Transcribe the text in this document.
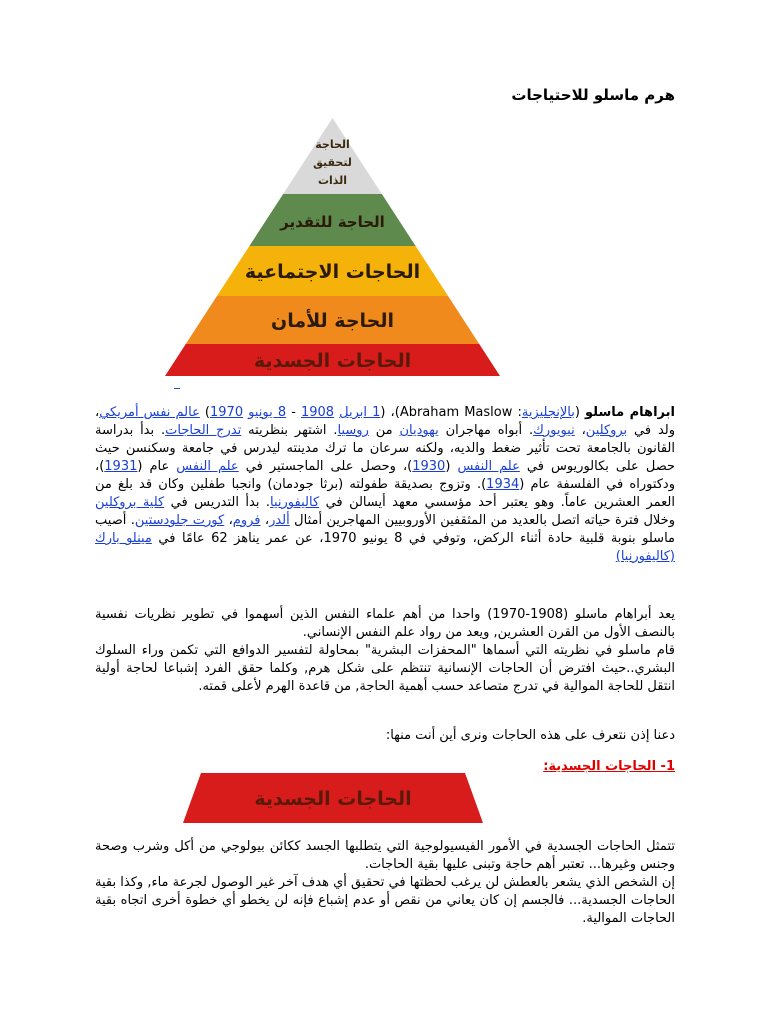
هرم ماسلو للاحتياجات
الحاجة
لتحقيق
الذات
الحاجة للتقدير
الحاجات الاجتماعية
الحاجة للأمان
الحاجات الجسدية

ابراهام ماسلو (بالإنجليزية: Abraham Maslow)، (1 ابريل 1908 - 8 يونيو 1970) عالم نفس أمريكي، ولد في بروكلين، نيويورك. أبواه مهاجران يهوديان من روسيا. اشتهر بنظريته تدرج الحاجات. بدأ بدراسة القانون بالجامعة تحت تأثير ضغط والديه، ولكنه سرعان ما ترك مدينته ليدرس في جامعة وسكنسن حيث حصل على بكالوريوس في علم النفس (1930)، وحصل على الماجستير في علم النفس عام (1931)، ودكتوراه في الفلسفة عام (1934). وتزوج بصديقة طفولته (برثا جودمان) وانجبا طفلين وكان قد بلغ من العمر العشرين عاماً. وهو يعتبر أحد مؤسسي معهد أيسالن في كاليفورنيا. بدأ التدريس في كلية بروكلين وخلال فترة حياته اتصل بالعديد من المثقفين الأوروبيين المهاجرين أمثال ألدر، فروم، كورت جلودستين. أصيب ماسلو بنوبة قلبية حادة أثناء الركض، وتوفي في 8 يونيو 1970، عن عمر يناهز 62 عامًا في مينلو بارك (كاليفورنيا)

يعد أبراهام ماسلو (1908-1970) واحدا من أهم علماء النفس الذين أسهموا في تطوير نظريات نفسية بالنصف الأول من القرن العشرين, ويعد من رواد علم النفس الإنساني.
قام ماسلو في نظريته التي أسماها "المحفزات البشرية" بمحاولة لتفسير الدوافع التي تكمن وراء السلوك البشري..حيث افترض أن الحاجات الإنسانية تنتظم على شكل هرم, وكلما حقق الفرد إشباعا لحاجة أولية انتقل للحاجة الموالية في تدرج متصاعد حسب أهمية الحاجة, من قاعدة الهرم لأعلى قمته.

دعنا إذن نتعرف على هذه الحاجات ونرى أين أنت منها:

1- الحاجات الجسدية:
الحاجات الجسدية
تتمثل الحاجات الجسدية في الأمور الفيسيولوجية التي يتطلبها الجسد ككائن بيولوجي من أكل وشرب وصحة وجنس وغيرها... تعتبر أهم حاجة وتبنى عليها بقية الحاجات.
إن الشخص الذي يشعر بالعطش لن يرغب لحظتها في تحقيق أي هدف آخر غير الوصول لجرعة ماء, وكذا بقية الحاجات الجسدية... فالجسم إن كان يعاني من نقص أو عدم إشباع فإنه لن يخطو أي خطوة أخرى اتجاه بقية الحاجات الموالية.
